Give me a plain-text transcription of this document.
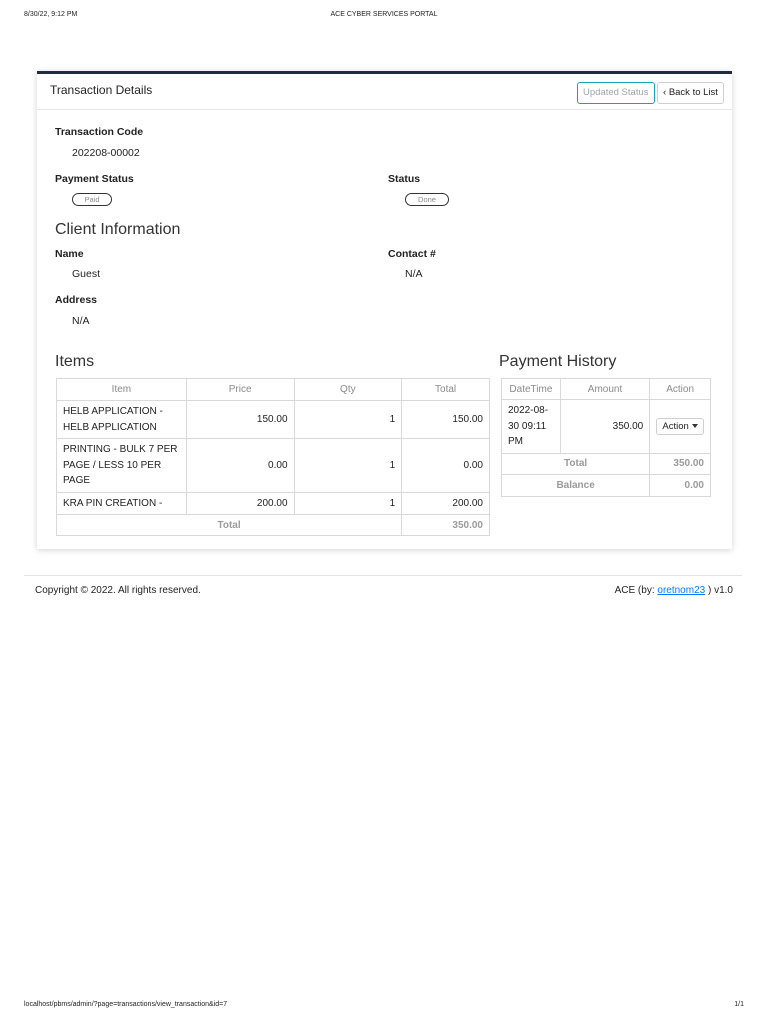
8/30/22, 9:12 PM	ACE CYBER SERVICES PORTAL
Transaction Details	Updated Status	‹ Back to List
Transaction Code
202208-00002
Payment Status
Paid
Status
Done
Client Information
Name
Guest
Contact #
N/A
Address
N/A
Items
Item	Price	Qty	Total
HELB APPLICATION - HELB APPLICATION	150.00	1	150.00
PRINTING - BULK 7 PER PAGE / LESS 10 PER PAGE	0.00	1	0.00
KRA PIN CREATION -	200.00	1	200.00
Total			350.00
Payment History
DateTime	Amount	Action
2022-08-30 09:11 PM	350.00	Action
Total		350.00
Balance		0.00
Copyright © 2022. All rights reserved.	ACE (by: oretnom23 ) v1.0
localhost/pbms/admin/?page=transactions/view_transaction&id=7	1/1
